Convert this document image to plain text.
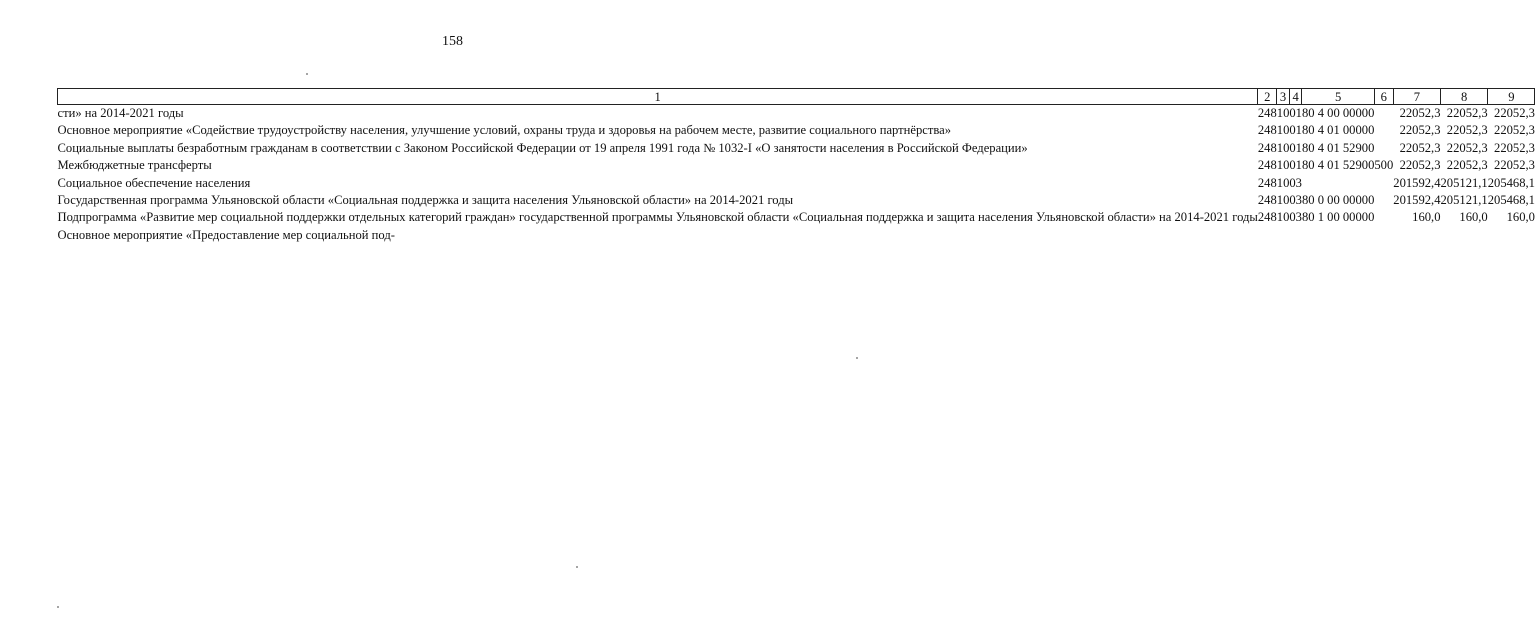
158
1	2	3	4	5	6	7	8	9
сти» на 2014-2021 годы	248	10	01	80 4 00 00000		22052,3	22052,3	22052,3
Основное мероприятие «Содействие трудоустройству населения, улучшение условий, охраны труда и здоровья на рабочем месте, развитие социального партнёрства»	248	10	01	80 4 01 00000		22052,3	22052,3	22052,3
Социальные выплаты безработным гражданам в соответствии с Законом Российской Федерации от 19 апреля 1991 года № 1032-I «О занятости населения в Российской Федерации»	248	10	01	80 4 01 52900		22052,3	22052,3	22052,3
Межбюджетные трансферты	248	10	01	80 4 01 52900	500	22052,3	22052,3	22052,3
Социальное обеспечение населения	248	10	03			201592,4	205121,1	205468,1
Государственная программа Ульяновской области «Социальная поддержка и защита населения Ульяновской области» на 2014-2021 годы	248	10	03	80 0 00 00000		201592,4	205121,1	205468,1
Подпрограмма «Развитие мер социальной поддержки отдельных категорий граждан» государственной программы Ульяновской области «Социальная поддержка и защита населения Ульяновской области» на 2014-2021 годы	248	10	03	80 1 00 00000		160,0	160,0	160,0
Основное мероприятие «Предоставление мер социальной под-								
